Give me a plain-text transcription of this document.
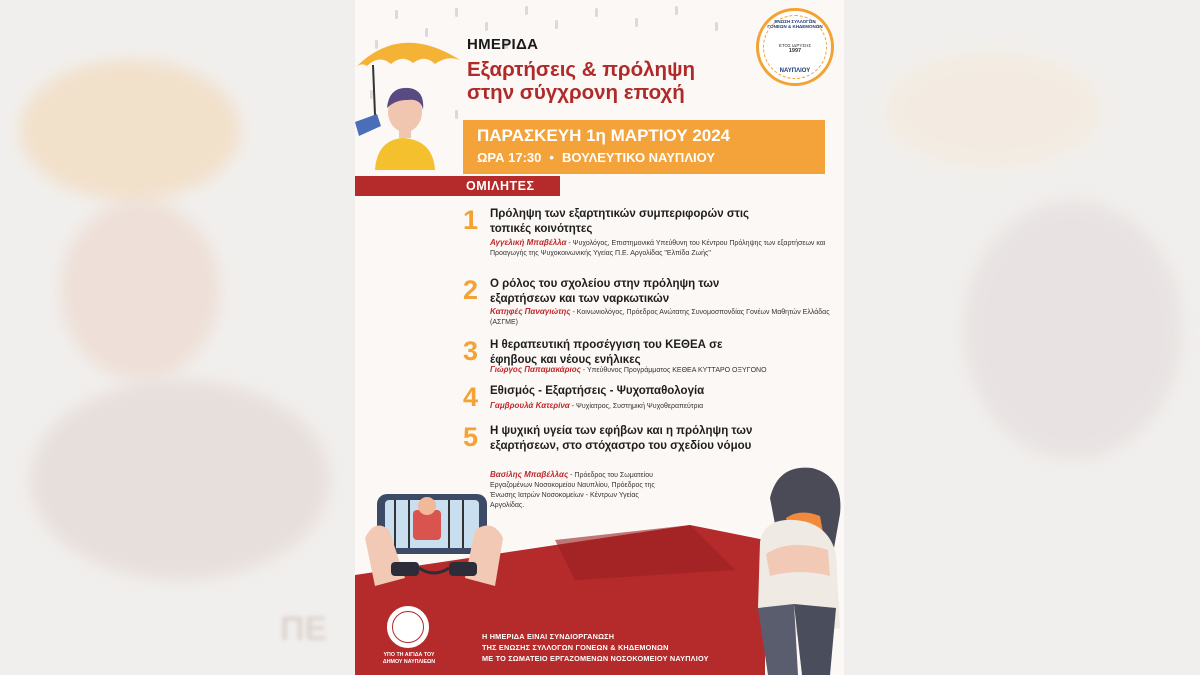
ΠΕ
ΗΜΕΡΙΔΑ
Εξαρτήσεις & πρόληψη
στην σύγχρονη εποχή
ΕΝΩΣΗ ΣΥΛΛΟΓΩΝ ΓΟΝΕΩΝ & ΚΗΔΕΜΟΝΩΝ
ΕΤΟΣ ΙΔΡΥΣΗΣ
1997
ΝΑΥΠΛΙΟΥ
ΠΑΡΑΣΚΕΥΗ 1η ΜΑΡΤΙΟΥ 2024
ΩΡΑ 17:30 • ΒΟΥΛΕΥΤΙΚΟ ΝΑΥΠΛΙΟΥ
ΟΜΙΛΗΤΕΣ
1 Πρόληψη των εξαρτητικών συμπεριφορών στις τοπικές κοινότητες
Αγγελική Μπαβέλλα - Ψυχολόγος, Επιστημονικά Υπεύθυνη του Κέντρου Πρόληψης των εξαρτήσεων και Προαγωγής της Ψυχοκοινωνικής Υγείας Π.Ε. Αργολίδας "Ελπίδα Ζωής"
2 Ο ρόλος του σχολείου στην πρόληψη των εξαρτήσεων και των ναρκωτικών
Κατηφές Παναγιώτης - Κοινωνιολόγος, Πρόεδρος Ανώτατης Συνομοσπονδίας Γονέων Μαθητών Ελλάδας (ΑΣΓΜΕ)
3 Η θεραπευτική προσέγγιση του ΚΕΘΕΑ σε έφηβους και νέους ενήλικες
Γιώργος Παπαμακάριος - Υπεύθυνος Προγράμματος ΚΕΘΕΑ ΚΥΤΤΑΡΟ ΟΞΥΓΟΝΟ
4 Εθισμός - Εξαρτήσεις - Ψυχοπαθολογία
Γαμβρουλά Κατερίνα - Ψυχίατρος, Συστημική Ψυχοθεραπεύτρια
5 Η ψυχική υγεία των εφήβων και η πρόληψη των εξαρτήσεων, στο στόχαστρο του σχεδίου νόμου
Βασίλης Μπαβέλλας - Πρόεδρος του Σωματείου Εργαζομένων Νοσοκομείου Ναυπλίου, Πρόεδρος της Ένωσης Ιατρών Νοσοκομείων - Κέντρων Υγείας Αργολίδας.
ΥΠΟ ΤΗ ΑΙΓΙΔΑ ΤΟΥ
ΔΗΜΟΥ ΝΑΥΠΛΙΕΩΝ
Η ΗΜΕΡΙΔΑ ΕΙΝΑΙ ΣΥΝΔΙΟΡΓΑΝΩΣΗ
ΤΗΣ ΕΝΩΣΗΣ ΣΥΛΛΟΓΩΝ ΓΟΝΕΩΝ & ΚΗΔΕΜΟΝΩΝ
ΜΕ ΤΟ ΣΩΜΑΤΕΙΟ ΕΡΓΑΖΟΜΕΝΩΝ ΝΟΣΟΚΟΜΕΙΟΥ ΝΑΥΠΛΙΟΥ
